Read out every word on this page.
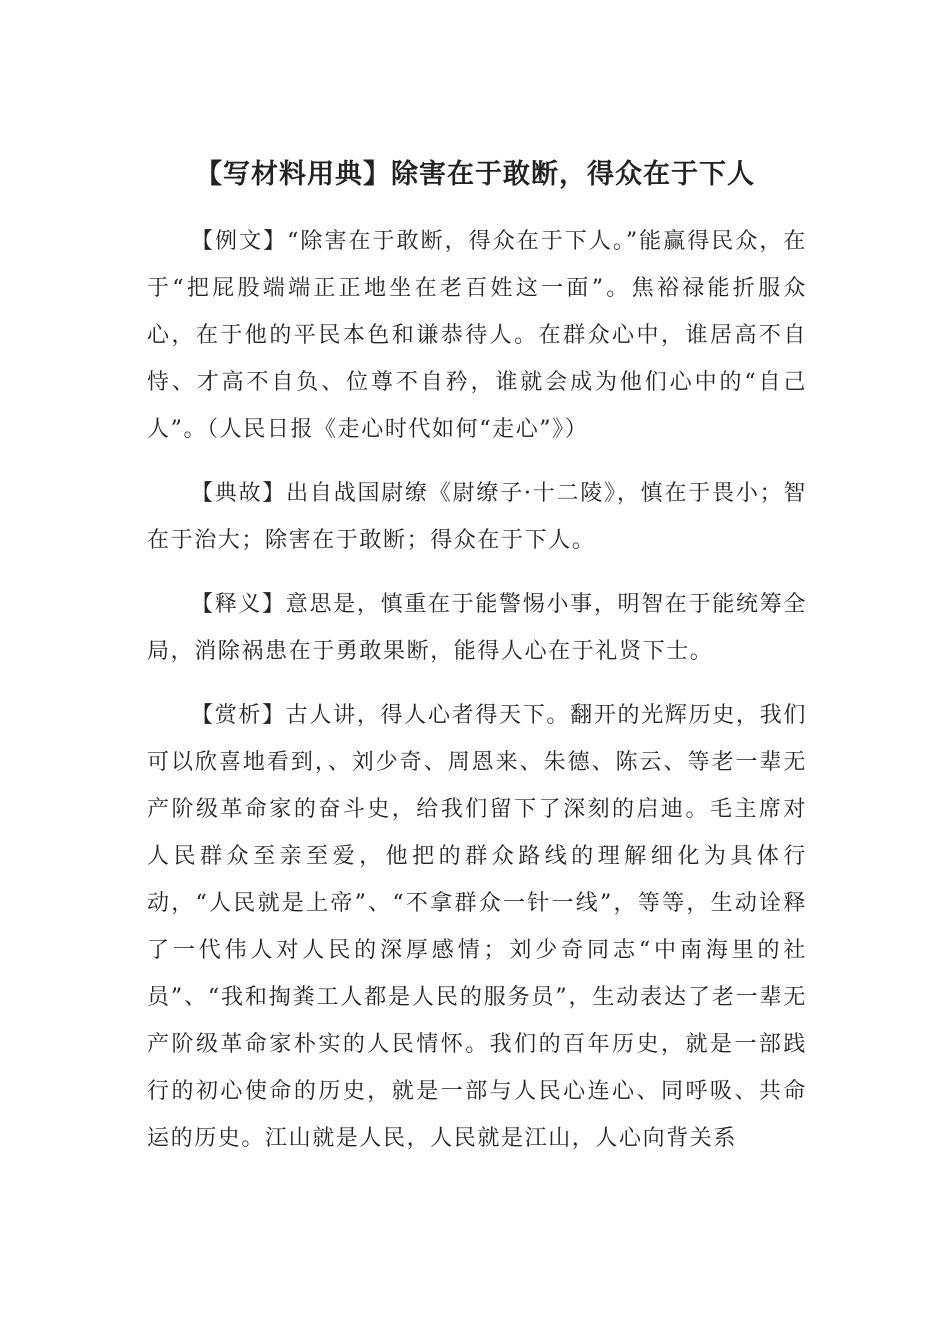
【写材料用典】除害在于敢断，得众在于下人

【例文】“除害在于敢断，得众在于下人。”能赢得民众，在于“把屁股端端正正地坐在老百姓这一面”。焦裕禄能折服众心，在于他的平民本色和谦恭待人。在群众心中，谁居高不自恃、才高不自负、位尊不自矜，谁就会成为他们心中的“自己人”。（人民日报《走心时代如何“走心”》）

【典故】出自战国尉缭《尉缭子·十二陵》，慎在于畏小；智在于治大；除害在于敢断；得众在于下人。

【释义】意思是，慎重在于能警惕小事，明智在于能统筹全局，消除祸患在于勇敢果断，能得人心在于礼贤下士。

【赏析】古人讲，得人心者得天下。翻开的光辉历史，我们可以欣喜地看到，、刘少奇、周恩来、朱德、陈云、等老一辈无产阶级革命家的奋斗史，给我们留下了深刻的启迪。毛主席对人民群众至亲至爱，他把的群众路线的理解细化为具体行动，“人民就是上帝”、“不拿群众一针一线”，等等，生动诠释了一代伟人对人民的深厚感情；刘少奇同志“中南海里的社员”、“我和掏粪工人都是人民的服务员”，生动表达了老一辈无产阶级革命家朴实的人民情怀。我们的百年历史，就是一部践行的初心使命的历史，就是一部与人民心连心、同呼吸、共命运的历史。江山就是人民，人民就是江山，人心向背关系
